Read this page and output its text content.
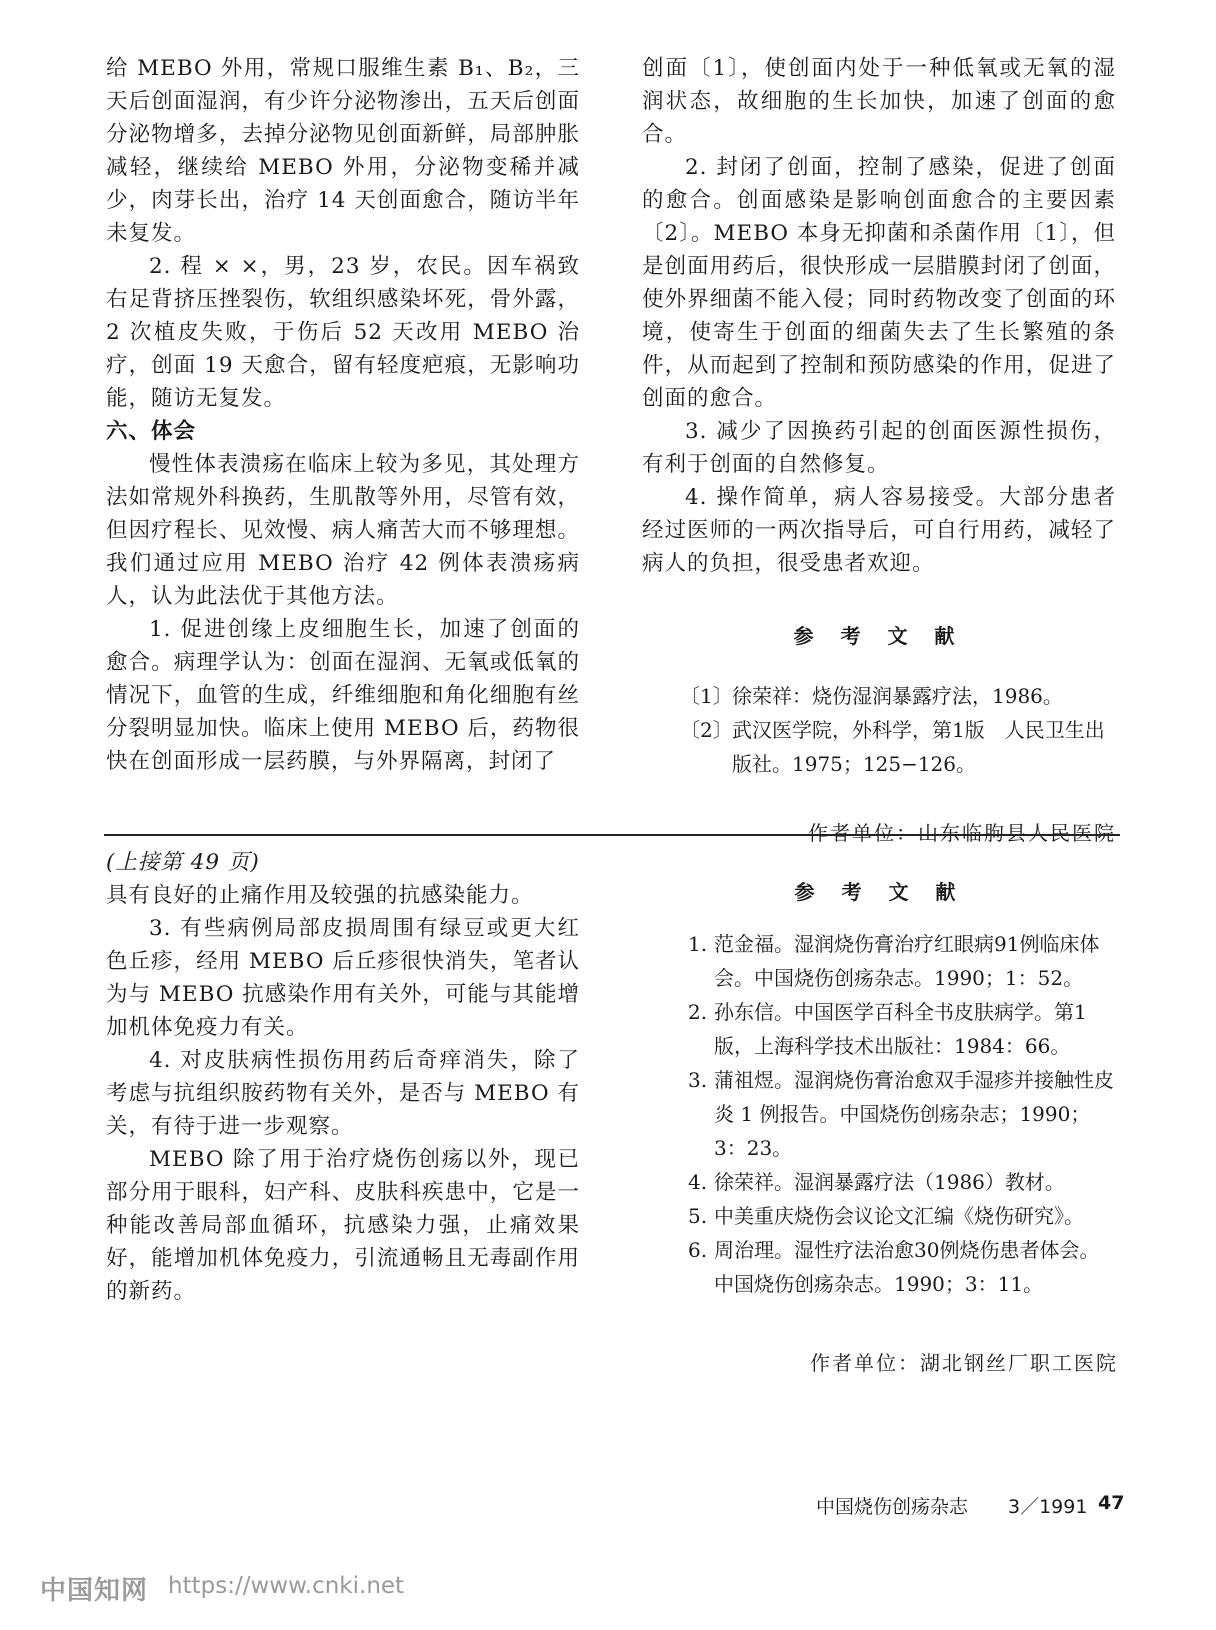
给 MEBO 外用，常规口服维生素 B₁、B₂，三天后创面湿润，有少许分泌物渗出，五天后创面分泌物增多，去掉分泌物见创面新鲜，局部肿胀减轻，继续给 MEBO 外用，分泌物变稀并减少，肉芽长出，治疗 14 天创面愈合，随访半年未复发。

2. 程 × ×，男，23 岁，农民。因车祸致右足背挤压挫裂伤，软组织感染坏死，骨外露，2 次植皮失败，于伤后 52 天改用 MEBO 治疗，创面 19 天愈合，留有轻度疤痕，无影响功能，随访无复发。

六、体会

慢性体表溃疡在临床上较为多见，其处理方法如常规外科换药，生肌散等外用，尽管有效，但因疗程长、见效慢、病人痛苦大而不够理想。我们通过应用 MEBO 治疗 42 例体表溃疡病人，认为此法优于其他方法。

1. 促进创缘上皮细胞生长，加速了创面的愈合。病理学认为：创面在湿润、无氧或低氧的情况下，血管的生成，纤维细胞和角化细胞有丝分裂明显加快。临床上使用 MEBO 后，药物很快在创面形成一层药膜，与外界隔离，封闭了

创面〔1〕，使创面内处于一种低氧或无氧的湿润状态，故细胞的生长加快，加速了创面的愈合。

2. 封闭了创面，控制了感染，促进了创面的愈合。创面感染是影响创面愈合的主要因素〔2〕。MEBO 本身无抑菌和杀菌作用〔1〕，但是创面用药后，很快形成一层腊膜封闭了创面，使外界细菌不能入侵；同时药物改变了创面的环境，使寄生于创面的细菌失去了生长繁殖的条件，从而起到了控制和预防感染的作用，促进了创面的愈合。

3. 减少了因换药引起的创面医源性损伤，有利于创面的自然修复。

4. 操作简单，病人容易接受。大部分患者经过医师的一两次指导后，可自行用药，减轻了病人的负担，很受患者欢迎。

参 考 文 献

〔1〕 徐荣祥：烧伤湿润暴露疗法，1986。
〔2〕 武汉医学院，外科学，第1版　人民卫生出版社。1975；125−126。

作者单位：山东临朐县人民医院

(上接第 49 页)

具有良好的止痛作用及较强的抗感染能力。

3. 有些病例局部皮损周围有绿豆或更大红色丘疹，经用 MEBO 后丘疹很快消失，笔者认为与 MEBO 抗感染作用有关外，可能与其能增加机体免疫力有关。

4. 对皮肤病性损伤用药后奇痒消失，除了考虑与抗组织胺药物有关外，是否与 MEBO 有关，有待于进一步观察。

MEBO 除了用于治疗烧伤创疡以外，现已部分用于眼科，妇产科、皮肤科疾患中，它是一种能改善局部血循环，抗感染力强，止痛效果好，能增加机体免疫力，引流通畅且无毒副作用的新药。

参 考 文 献

1. 范金福。湿润烧伤膏治疗红眼病91例临床体会。中国烧伤创疡杂志。1990；1：52。
2. 孙东信。中国医学百科全书皮肤病学。第1版，上海科学技术出版社：1984：66。
3. 蒲祖煜。湿润烧伤膏治愈双手湿疹并接触性皮炎 1 例报告。中国烧伤创疡杂志；1990；3：23。
4. 徐荣祥。湿润暴露疗法（1986）教材。
5. 中美重庆烧伤会议论文汇编《烧伤研究》。
6. 周治理。湿性疗法治愈30例烧伤患者体会。中国烧伤创疡杂志。1990；3：11。

作者单位：湖北钢丝厂职工医院

中国烧伤创疡杂志 3／1991 47
中国知网 https://www.cnki.net
